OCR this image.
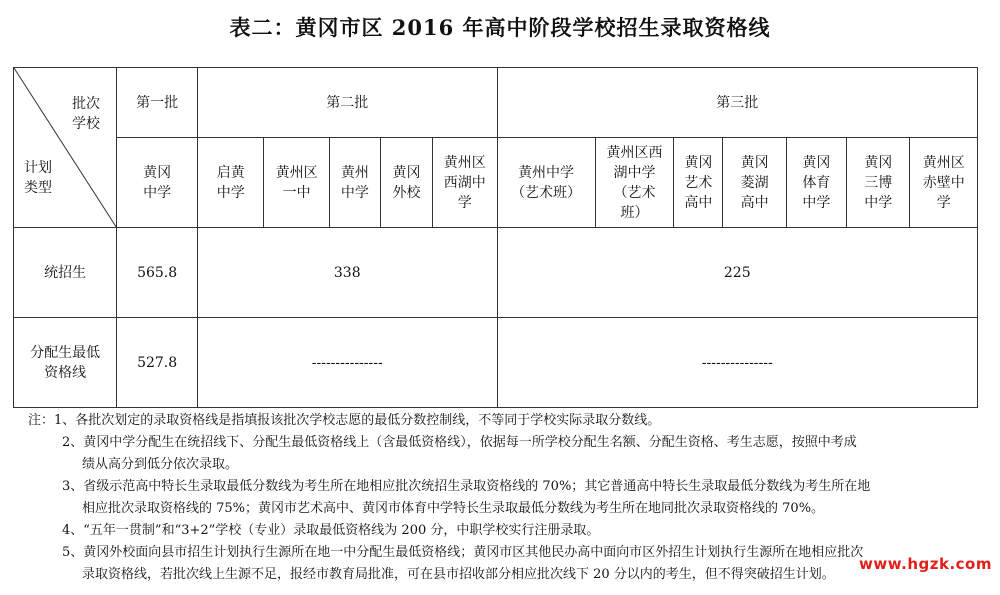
表二：黄冈市区 2016 年高中阶段学校招生录取资格线
批次
学校
计划
类型	第一批	第二批					第三批						

	黄冈中学	启黄中学	黄州区一中	黄州中学	黄冈外校	黄州区西湖中学	黄州中学（艺术班）	黄州区西湖中学（艺术班）	黄冈艺术高中	黄冈菱湖高中	黄冈体育中学	黄冈三博中学	黄州区赤壁中学

统招生	565.8	338					225						

分配生最低资格线	527.8	---------------					---------------						

注：1、各批次划定的录取资格线是指填报该批次学校志愿的最低分数控制线，不等同于学校实际录取分数线。

2、黄冈中学分配生在统招线下、分配生最低资格线上（含最低资格线），依据每一所学校分配生名额、分配生资格、考生志愿，按照中考成

绩从高分到低分依次录取。

3、省级示范高中特长生录取最低分数线为考生所在地相应批次统招生录取资格线的 70%；其它普通高中特长生录取最低分数线为考生所在地

相应批次录取资格线的 75%；黄冈市艺术高中、黄冈市体育中学特长生录取最低分数线为考生所在地同批次录取资格线的 70%。

4、“五年一贯制”和“3+2”学校（专业）录取最低资格线为 200 分，中职学校实行注册录取。

5、黄冈外校面向县市招生计划执行生源所在地一中分配生最低资格线；黄冈市区其他民办高中面向市区外招生计划执行生源所在地相应批次

录取资格线，若批次线上生源不足，报经市教育局批准，可在县市招收部分相应批次线下 20 分以内的考生，但不得突破招生计划。

www.hgzk.com
